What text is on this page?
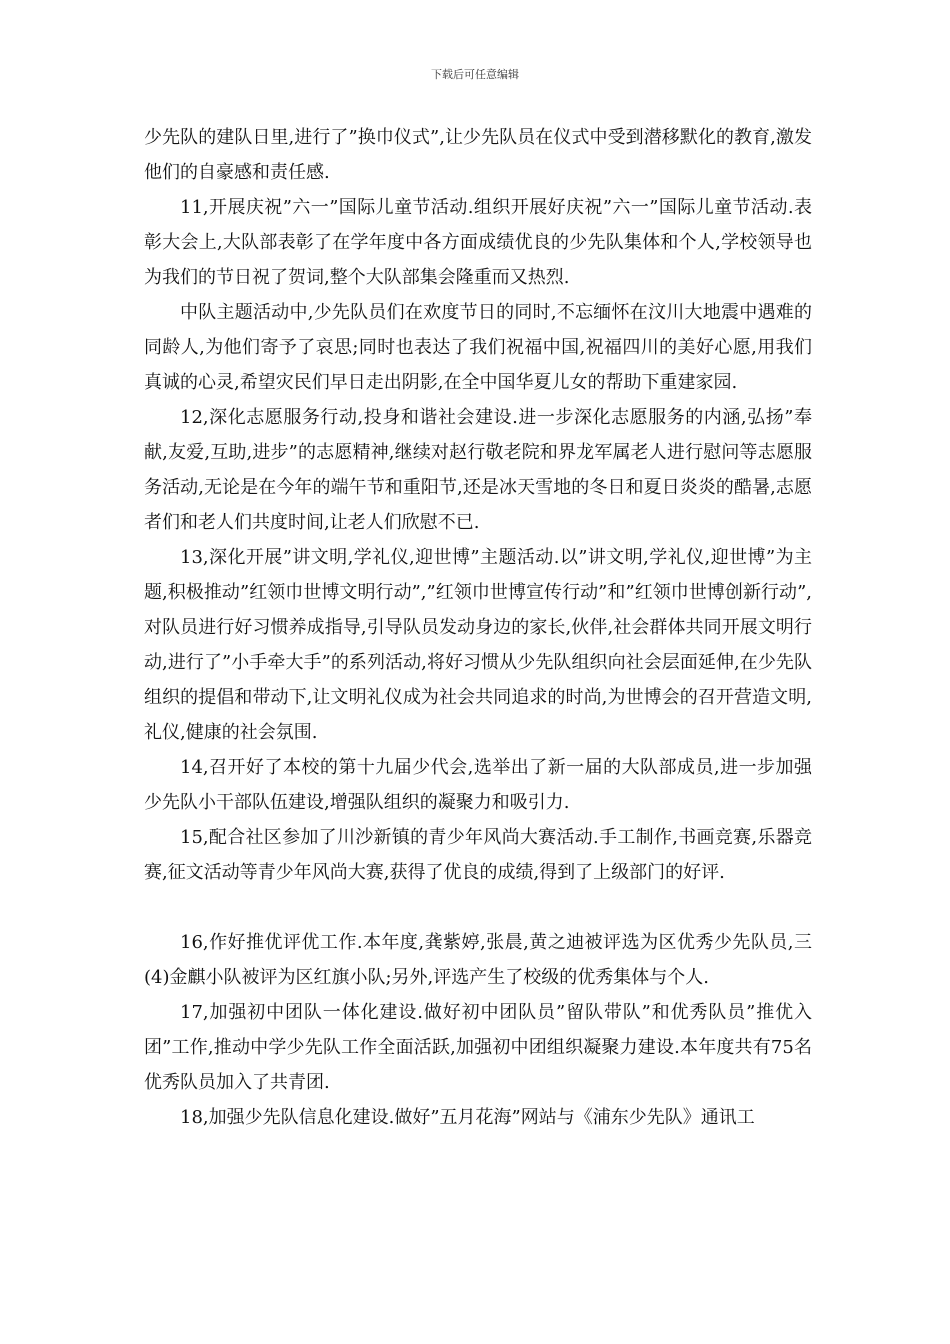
下载后可任意编辑

少先队的建队日里,进行了”换巾仪式”,让少先队员在仪式中受到潜移默化的教育,激发他们的自豪感和责任感.

11,开展庆祝”六一”国际儿童节活动.组织开展好庆祝”六一”国际儿童节活动.表彰大会上,大队部表彰了在学年度中各方面成绩优良的少先队集体和个人,学校领导也为我们的节日祝了贺词,整个大队部集会隆重而又热烈.

中队主题活动中,少先队员们在欢度节日的同时,不忘缅怀在汶川大地震中遇难的同龄人,为他们寄予了哀思;同时也表达了我们祝福中国,祝福四川的美好心愿,用我们真诚的心灵,希望灾民们早日走出阴影,在全中国华夏儿女的帮助下重建家园.

12,深化志愿服务行动,投身和谐社会建设.进一步深化志愿服务的内涵,弘扬”奉献,友爱,互助,进步”的志愿精神,继续对赵行敬老院和界龙军属老人进行慰问等志愿服务活动,无论是在今年的端午节和重阳节,还是冰天雪地的冬日和夏日炎炎的酷暑,志愿者们和老人们共度时间,让老人们欣慰不已.

13,深化开展”讲文明,学礼仪,迎世博”主题活动.以”讲文明,学礼仪,迎世博”为主题,积极推动”红领巾世博文明行动”,”红领巾世博宣传行动”和”红领巾世博创新行动”,对队员进行好习惯养成指导,引导队员发动身边的家长,伙伴,社会群体共同开展文明行动,进行了”小手牵大手”的系列活动,将好习惯从少先队组织向社会层面延伸,在少先队组织的提倡和带动下,让文明礼仪成为社会共同追求的时尚,为世博会的召开营造文明,礼仪,健康的社会氛围.

14,召开好了本校的第十九届少代会,选举出了新一届的大队部成员,进一步加强少先队小干部队伍建设,增强队组织的凝聚力和吸引力.

15,配合社区参加了川沙新镇的青少年风尚大赛活动.手工制作,书画竞赛,乐器竞赛,征文活动等青少年风尚大赛,获得了优良的成绩,得到了上级部门的好评.

16,作好推优评优工作.本年度,龚紫婷,张晨,黄之迪被评选为区优秀少先队员,三(4)金麒小队被评为区红旗小队;另外,评选产生了校级的优秀集体与个人.

17,加强初中团队一体化建设.做好初中团队员”留队带队”和优秀队员”推优入团”工作,推动中学少先队工作全面活跃,加强初中团组织凝聚力建设.本年度共有75名优秀队员加入了共青团.

18,加强少先队信息化建设.做好”五月花海”网站与《浦东少先队》通讯工
